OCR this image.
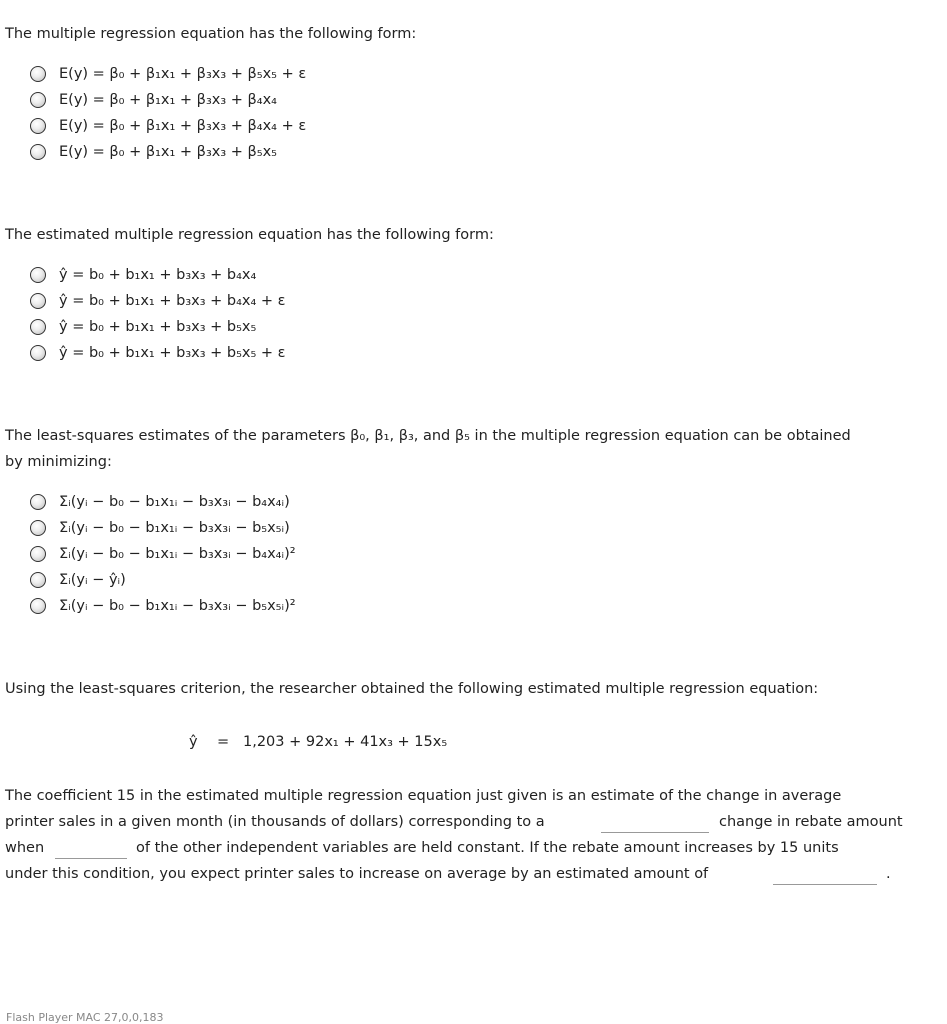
The multiple regression equation has the following form:
E(y) = β₀ + β₁x₁ + β₃x₃ + β₅x₅ + ε
E(y) = β₀ + β₁x₁ + β₃x₃ + β₄x₄
E(y) = β₀ + β₁x₁ + β₃x₃ + β₄x₄ + ε
E(y) = β₀ + β₁x₁ + β₃x₃ + β₅x₅
The estimated multiple regression equation has the following form:
ŷ = b₀ + b₁x₁ + b₃x₃ + b₄x₄
ŷ = b₀ + b₁x₁ + b₃x₃ + b₄x₄ + ε
ŷ = b₀ + b₁x₁ + b₃x₃ + b₅x₅
ŷ = b₀ + b₁x₁ + b₃x₃ + b₅x₅ + ε
The least-squares estimates of the parameters β₀, β₁, β₃, and β₅ in the multiple regression equation can be obtained
by minimizing:
Σᵢ(yᵢ − b₀ − b₁x₁ᵢ − b₃x₃ᵢ − b₄x₄ᵢ)
Σᵢ(yᵢ − b₀ − b₁x₁ᵢ − b₃x₃ᵢ − b₅x₅ᵢ)
Σᵢ(yᵢ − b₀ − b₁x₁ᵢ − b₃x₃ᵢ − b₄x₄ᵢ)²
Σᵢ(yᵢ − ŷᵢ)
Σᵢ(yᵢ − b₀ − b₁x₁ᵢ − b₃x₃ᵢ − b₅x₅ᵢ)²
Using the least-squares criterion, the researcher obtained the following estimated multiple regression equation:
ŷ = 1,203 + 92x₁ + 41x₃ + 15x₅
The coefficient 15 in the estimated multiple regression equation just given is an estimate of the change in average
printer sales in a given month (in thousands of dollars) corresponding to a	change in rebate amount
when	of the other independent variables are held constant. If the rebate amount increases by 15 units
under this condition, you expect printer sales to increase on average by an estimated amount of	.
Flash Player MAC 27,0,0,183
